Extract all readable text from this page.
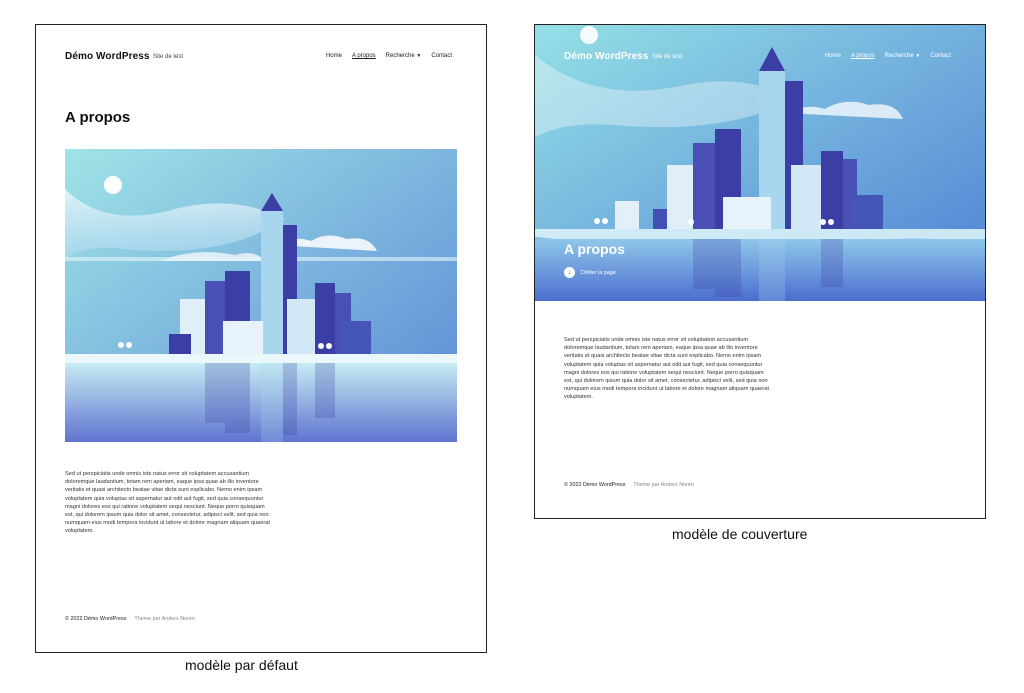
Démo WordPress Site de test	Home A propos Recherche ▼ Contact
A propos
Sed ut perspiciatis unde omnis iste natus error sit voluptatem accusantium doloremque laudantium, totam rem aperiam, eaque ipsa quae ab illo inventore veritatis et quasi architecto beatae vitae dicta sunt explicabo. Nemo enim ipsam voluptatem quia voluptas sit aspernatur aut odit aut fugit, sed quia consequuntur magni dolores eos qui ratione voluptatem sequi nesciunt. Neque porro quisquam est, qui dolorem ipsum quia dolor sit amet, consectetur, adipisci velit, sed quia non numquam eius modi tempora incidunt ut labore et dolore magnam aliquam quaerat voluptatem.
© 2022 Démo WordPress Theme par Anders Norén
Démo WordPress Site de test	Home A propos Recherche ▼ Contact
A propos
↓	Défiler la page
Sed ut perspiciatis unde omnis iste natus error sit voluptatem accusantium doloremque laudantium, totam rem aperiam, eaque ipsa quae ab illo inventore veritatis et quasi architecto beatae vitae dicta sunt explicabo. Nemo enim ipsam voluptatem quia voluptas sit aspernatur aut odit aut fugit, sed quia consequuntur magni dolores eos qui ratione voluptatem sequi nesciunt. Neque porro quisquam est, qui dolorem ipsum quia dolor sit amet, consectetur, adipisci velit, sed quia non numquam eius modi tempora incidunt ut labore et dolore magnam aliquam quaerat voluptatem.
© 2022 Démo WordPress Theme par Anders Norén
modèle par défaut
modèle de couverture
